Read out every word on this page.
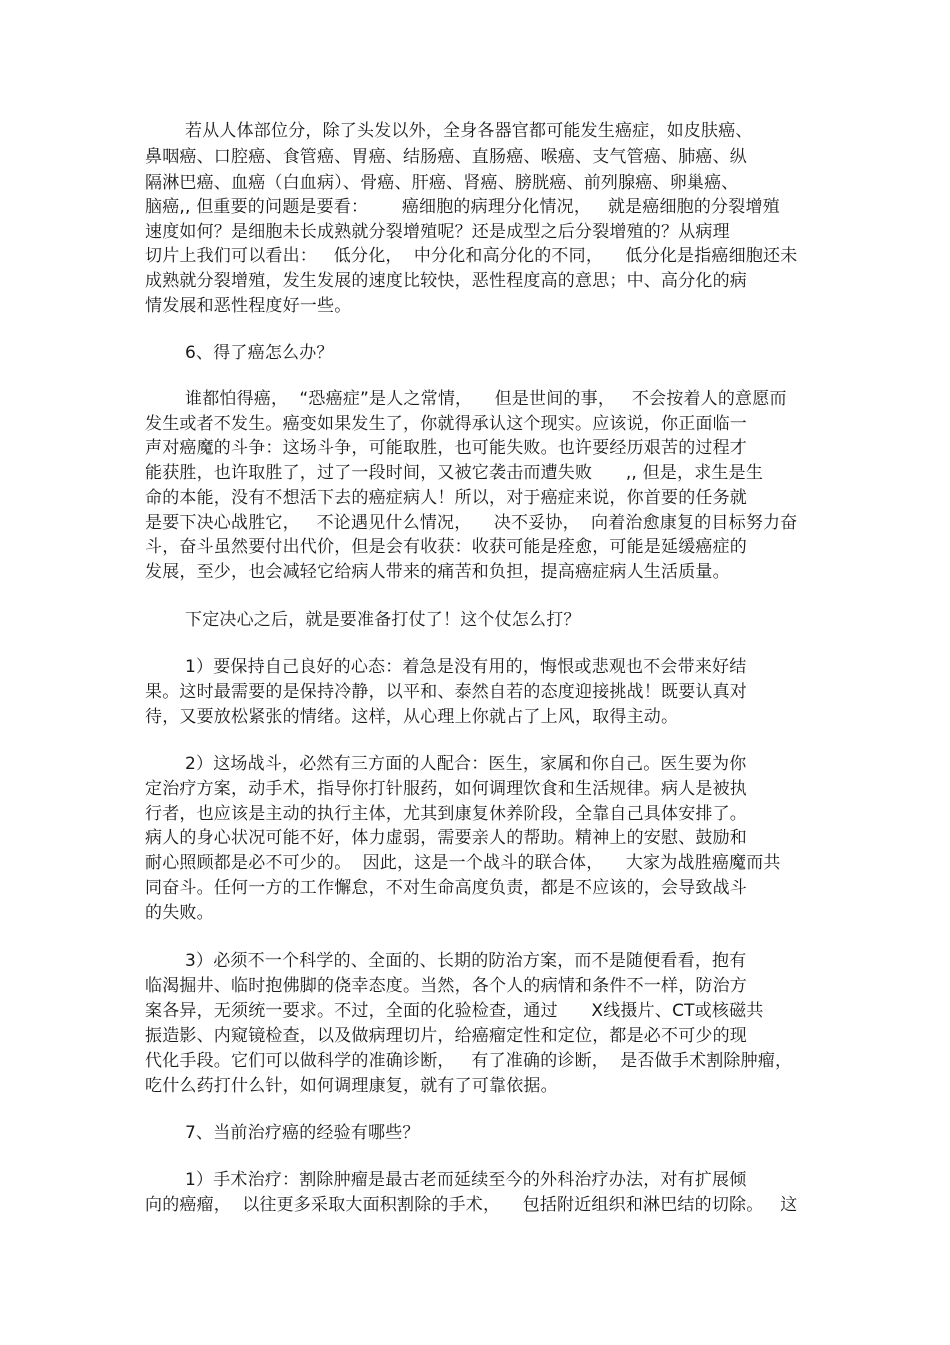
若从人体部位分，除了头发以外，全身各器官都可能发生癌症，如皮肤癌、
鼻咽癌、口腔癌、食管癌、胃癌、结肠癌、直肠癌、喉癌、支气管癌、肺癌、纵
隔淋巴癌、血癌（白血病）、骨癌、肝癌、肾癌、膀胱癌、前列腺癌、卵巢癌、
脑癌,, 但重要的问题是要看：      癌细胞的病理分化情况，   就是癌细胞的分裂增殖
速度如何？是细胞未长成熟就分裂增殖呢？还是成型之后分裂增殖的？从病理
切片上我们可以看出：   低分化，  中分化和高分化的不同，    低分化是指癌细胞还未
成熟就分裂增殖，发生发展的速度比较快，恶性程度高的意思；中、高分化的病
情发展和恶性程度好一些。
6、得了癌怎么办？
谁都怕得癌，  “恐癌症”是人之常情，    但是世间的事，   不会按着人的意愿而
发生或者不发生。癌变如果发生了，你就得承认这个现实。应该说，你正面临一
声对癌魔的斗争：这场斗争，可能取胜，也可能失败。也许要经历艰苦的过程才
能获胜，也许取胜了，过了一段时间，又被它袭击而遭失败      ,, 但是，求生是生
命的本能，没有不想活下去的癌症病人！所以，对于癌症来说，你首要的任务就
是要下决心战胜它，   不论遇见什么情况，    决不妥协，  向着治愈康复的目标努力奋
斗，奋斗虽然要付出代价，但是会有收获：收获可能是痊愈，可能是延缓癌症的
发展，至少，也会减轻它给病人带来的痛苦和负担，提高癌症病人生活质量。
下定决心之后，就是要准备打仗了！这个仗怎么打？
1）要保持自己良好的心态：着急是没有用的，悔恨或悲观也不会带来好结
果。这时最需要的是保持冷静，以平和、泰然自若的态度迎接挑战！既要认真对
待，又要放松紧张的情绪。这样，从心理上你就占了上风，取得主动。
2）这场战斗，必然有三方面的人配合：医生，家属和你自己。医生要为你
定治疗方案，动手术，指导你打针服药，如何调理饮食和生活规律。病人是被执
行者，也应该是主动的执行主体，尤其到康复休养阶段，全靠自己具体安排了。
病人的身心状况可能不好，体力虚弱，需要亲人的帮助。精神上的安慰、鼓励和
耐心照顾都是必不可少的。  因此，这是一个战斗的联合体，    大家为战胜癌魔而共
同奋斗。任何一方的工作懈怠，不对生命高度负责，都是不应该的，会导致战斗
的失败。
3）必须不一个科学的、全面的、长期的防治方案，而不是随便看看，抱有
临渴掘井、临时抱佛脚的侥幸态度。当然，各个人的病情和条件不一样，防治方
案各异，无须统一要求。不过，全面的化验检查，通过      X线摄片、CT或核磁共
振造影、内窥镜检查，以及做病理切片，给癌瘤定性和定位，都是必不可少的现
代化手段。它们可以做科学的准确诊断，   有了准确的诊断，  是否做手术割除肿瘤，
吃什么药打什么针，如何调理康复，就有了可靠依据。
7、当前治疗癌的经验有哪些？
1）手术治疗：割除肿瘤是最古老而延续至今的外科治疗办法，对有扩展倾
向的癌瘤，  以往更多采取大面积割除的手术，    包括附近组织和淋巴结的切除。   这
